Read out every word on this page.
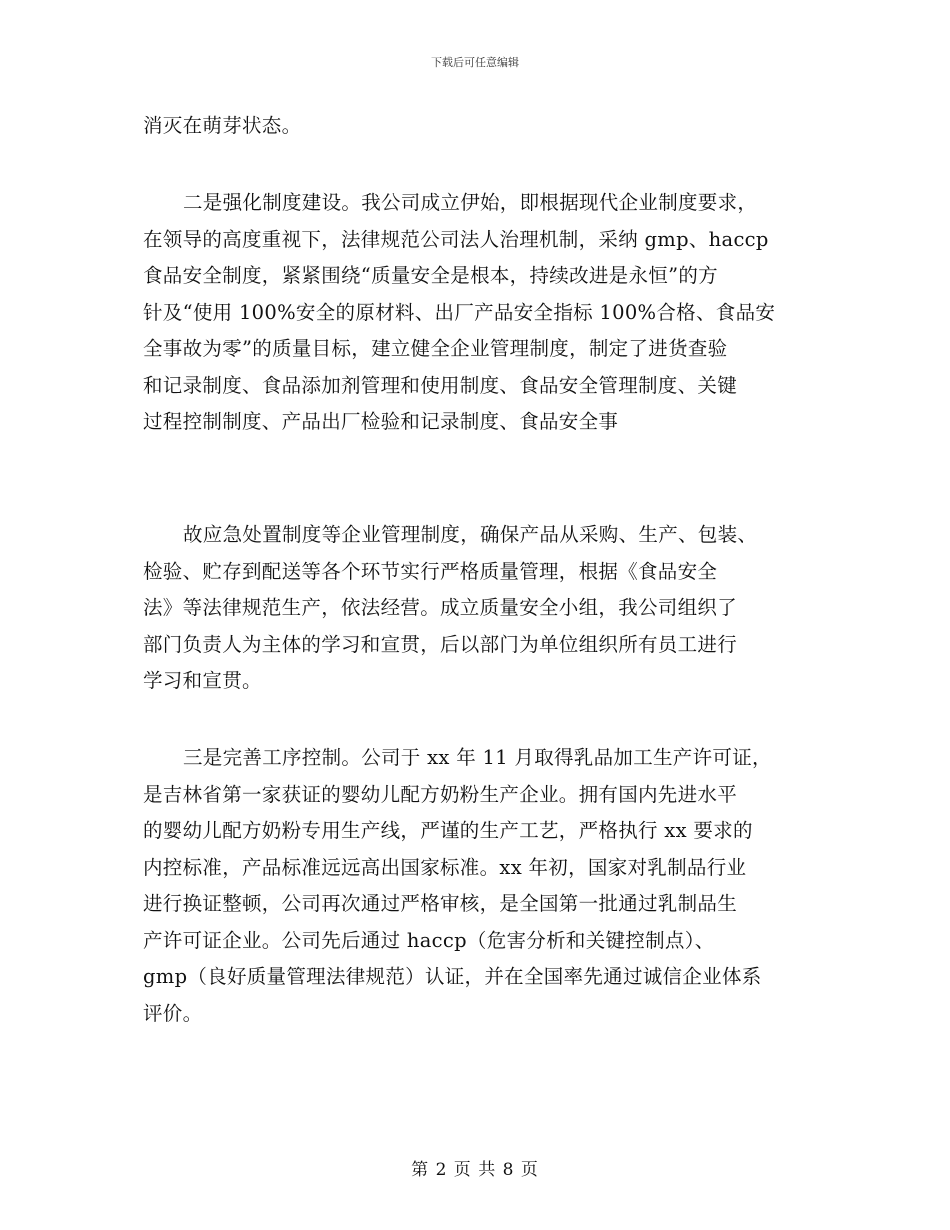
下载后可任意编辑
消灭在萌芽状态。
二是强化制度建设。我公司成立伊始，即根据现代企业制度要求，
在领导的高度重视下，法律规范公司法人治理机制，采纳 gmp、haccp
食品安全制度，紧紧围绕“质量安全是根本，持续改进是永恒”的方
针及“使用 100%安全的原材料、出厂产品安全指标 100%合格、食品安
全事故为零”的质量目标，建立健全企业管理制度，制定了进货查验
和记录制度、食品添加剂管理和使用制度、食品安全管理制度、关键
过程控制制度、产品出厂检验和记录制度、食品安全事
故应急处置制度等企业管理制度，确保产品从采购、生产、包装、
检验、贮存到配送等各个环节实行严格质量管理，根据《食品安全
法》等法律规范生产，依法经营。成立质量安全小组，我公司组织了
部门负责人为主体的学习和宣贯，后以部门为单位组织所有员工进行
学习和宣贯。
三是完善工序控制。公司于 xx 年 11 月取得乳品加工生产许可证，
是吉林省第一家获证的婴幼儿配方奶粉生产企业。拥有国内先进水平
的婴幼儿配方奶粉专用生产线，严谨的生产工艺，严格执行 xx 要求的
内控标准，产品标准远远高出国家标准。xx 年初，国家对乳制品行业
进行换证整顿，公司再次通过严格审核，是全国第一批通过乳制品生
产许可证企业。公司先后通过 haccp（危害分析和关键控制点）、
gmp（良好质量管理法律规范）认证，并在全国率先通过诚信企业体系
评价。
第 2 页 共 8 页
